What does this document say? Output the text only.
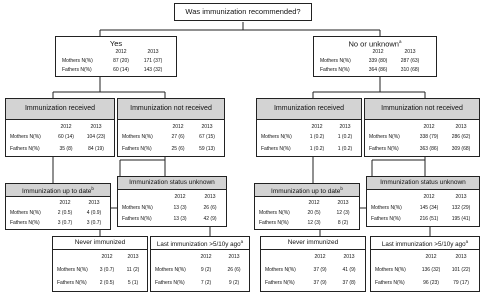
Was immunization recommended?
Yes
2012	2013
Mothers N(%)	87 (20)	171 (37)
Fathers N(%)	60 (14)	143 (32)
No or unknown$^a$
2012	2013
Mothers N(%)	339 (80)	287 (63)
Fathers N(%)	364 (86)	310 (68)
Immunization received
2012	2013
Mothers N(%)	60 (14)	104 (23)
Fathers N(%)	35 (8)	84 (19)
Immunization not received
2012	2013
Mothers N(%)	27 (6)	67 (15)
Fathers N(%)	25 (6)	59 (13)
Immunization received
2012	2013
Mothers N(%)	1 (0.2)	1 (0.2)
Fathers N(%)	1 (0.2)	1 (0.2)
Immunization not received
2012	2013
Mothers N(%)	338 (79)	286 (62)
Fathers N(%)	363 (86)	309 (68)
Immunization up to date$^b$
2012	2013
Mothers N(%)	2 (0.5)	4 (0.9)
Fathers N(%)	3 (0.7)	3 (0.7)
Immunization status unknown
2012	2013
Mothers N(%)	13 (3)	26 (6)
Fathers N(%)	13 (3)	42 (9)
Immunization up to date$^b$
2012	2013
Mothers N(%)	20 (5)	12 (3)
Fathers N(%)	12 (3)	8 (2)
Immunization status unknown
2012	2013
Mothers N(%)	145 (34)	132 (29)
Fathers N(%)	216 (51)	195 (41)
Never immunized
2012	2013
Mothers N(%)	3 (0.7)	11 (2)
Fathers N(%)	2 (0.5)	5 (1)
Last immunization >5/10y ago$^a$
2012	2013
Mothers N(%)	9 (2)	26 (6)
Fathers N(%)	7 (2)	9 (2)
Never immunized
2012	2013
Mothers N(%)	37 (9)	41 (9)
Fathers N(%)	37 (9)	37 (8)
Last immunization >5/10y ago$^a$
2012	2013
Mothers N(%)	136 (32)	101 (22)
Fathers N(%)	96 (23)	79 (17)
